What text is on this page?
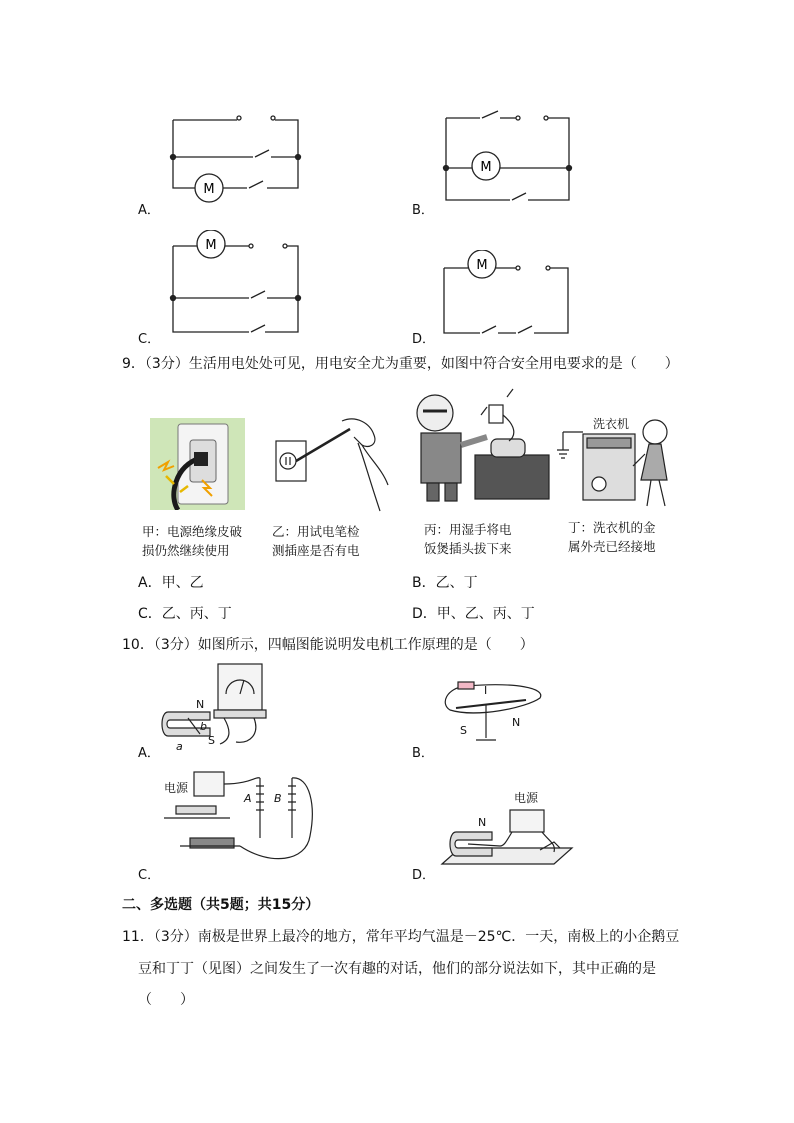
M
A．
M
B．
M
C．
M
D．
9．（3分）生活用电处处可见，用电安全尤为重要，如图中符合安全用电要求的是（　　）
洗衣机
甲：电源绝缘皮破
损仍然继续使用
乙：用试电笔检
测插座是否有电
丙：用湿手将电
饭煲插头拔下来
丁：洗衣机的金
属外壳已经接地
A．甲、乙	B．乙、丁
C．乙、丙、丁	D．甲、乙、丙、丁
10．（3分）如图所示，四幅图能说明发电机工作原理的是（　　）
N
S
a
b
A．
I
S
N
B．
电源
A B
C．
电源
N
D．
二、多选题（共5题；共15分）
11．（3分）南极是世界上最冷的地方，常年平均气温是－25℃．一天，南极上的小企鹅豆
豆和丁丁（见图）之间发生了一次有趣的对话，他们的部分说法如下，其中正确的是
（　　）
